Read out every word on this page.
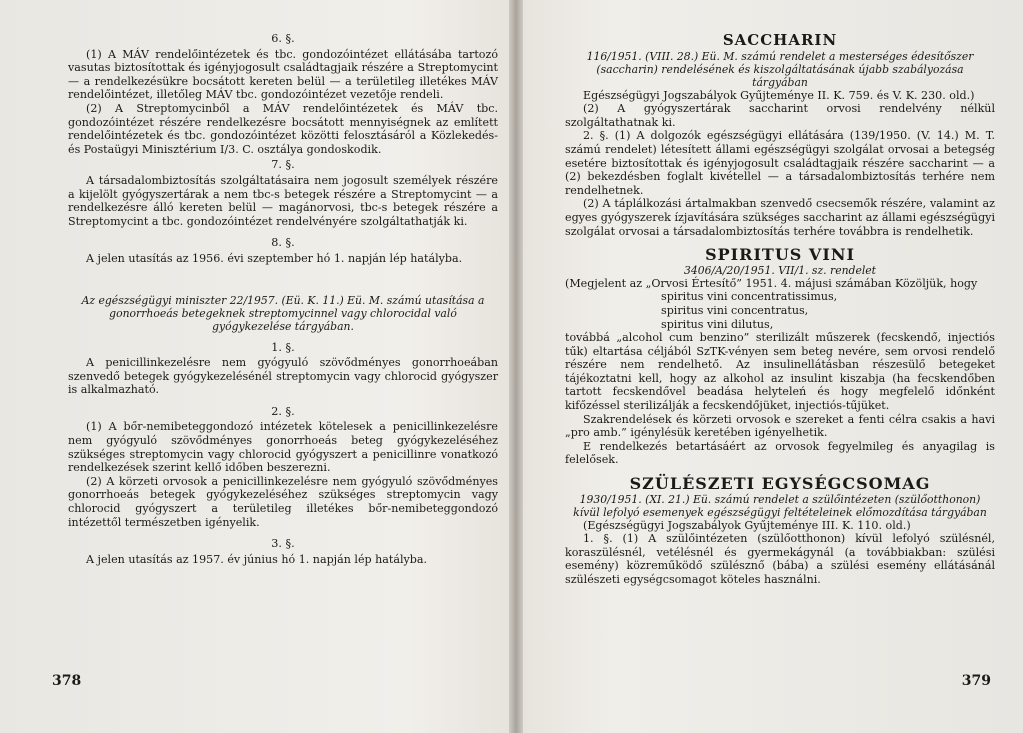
6. §.

(1) A MÁV rendelőintézetek és tbc. gondozóintézet ellátásába tartozó vasutas biztosítottak és igényjogosult családtagjaik részére a Streptomycint — a rendelkezésükre bocsátott kereten belül — a területileg illetékes MÁV rendelőintézet, illetőleg MÁV tbc. gondozóintézet vezetője rendeli.

(2) A Streptomycinből a MÁV rendelőintézetek és MÁV tbc. gondozóintézet részére rendelkezésre bocsátott mennyiségnek az említett rendelőintézetek és tbc. gondozóintézet közötti felosztásáról a Közlekedés- és Postaügyi Minisztérium I/3. C. osztálya gondoskodik.

7. §.

A társadalombiztosítás szolgáltatásaira nem jogosult személyek részére a kijelölt gyógyszertárak a nem tbc-s betegek részére a Streptomycint — a rendelkezésre álló kereten belül — magánorvosi, tbc-s betegek részére a Streptomycint a tbc. gondozóintézet rendelvényére szolgáltathatják ki.

8. §.

A jelen utasítás az 1956. évi szeptember hó 1. napján lép hatályba.

Az egészségügyi miniszter 22/1957. (Eü. K. 11.) Eü. M. számú utasítása a gonorrhoeás betegeknek streptomycinnel vagy chlorocidal való gyógykezelése tárgyában.

1. §.

A penicillinkezelésre nem gyógyuló szövődményes gonorrhoeában szenvedő betegek gyógykezelésénél streptomycin vagy chlorocid gyógyszer is alkalmazható.

2. §.

(1) A bőr-nemibeteggondozó intézetek kötelesek a penicillinkezelésre nem gyógyuló szövődményes gonorrhoeás beteg gyógykezeléséhez szükséges streptomycin vagy chlorocid gyógyszert a penicillinre vonatkozó rendelkezések szerint kellő időben beszerezni.

(2) A körzeti orvosok a penicillinkezelésre nem gyógyuló szövődményes gonorrhoeás betegek gyógykezeléséhez szükséges streptomycin vagy chlorocid gyógyszert a területileg illetékes bőr-nemibeteggondozó intézettől természetben igényelik.

3. §.

A jelen utasítás az 1957. év június hó 1. napján lép hatályba.

378

SACCHARIN

116/1951. (VIII. 28.) Eü. M. számú rendelet a mesterséges édesítőszer (saccharin) rendelésének és kiszolgáltatásának újabb szabályozása tárgyában

Egészségügyi Jogszabályok Gyűjteménye II. K. 759. és V. K. 230. old.)

(2) A gyógyszertárak saccharint orvosi rendelvény nélkül szolgáltathatnak ki.

2. §. (1) A dolgozók egészségügyi ellátására (139/1950. (V. 14.) M. T. számú rendelet) létesített állami egészségügyi szolgálat orvosai a betegség esetére biztosítottak és igényjogosult családtagjaik részére saccharint — a (2) bekezdésben foglalt kivétellel — a társadalombiztosítás terhére nem rendelhetnek.

(2) A táplálkozási ártalmakban szenvedő csecsemők részére, valamint az egyes gyógyszerek ízjavítására szükséges saccharint az állami egészségügyi szolgálat orvosai a társadalombiztosítás terhére továbbra is rendelhetik.

SPIRITUS VINI

3406/A/20/1951. VII/1. sz. rendelet

(Megjelent az „Orvosi Értesítő” 1951. 4. májusi számában Közöljük, hogy

spiritus vini concentratissimus,

spiritus vini concentratus,

spiritus vini dilutus,

továbbá „alcohol cum benzino” sterilizált műszerek (fecskendő, injectiós tűk) eltartása céljából SzTK-vényen sem beteg nevére, sem orvosi rendelő részére nem rendelhető. Az insulinellátásban részesülő betegeket tájékoztatni kell, hogy az alkohol az insulint kiszabja (ha fecskendőben tartott fecskendővel beadása helyteleń és hogy megfelelő időnként kifőzéssel sterilizálják a fecskendőjüket, injectiós-tűjüket.

Szakrendelések és körzeti orvosok e szereket a fenti célra csakis a havi „pro amb.” igénylésük keretében igényelhetik.

E rendelkezés betartásáért az orvosok fegyelmileg és anyagilag is felelősek.

SZÜLÉSZETI EGYSÉGCSOMAG

1930/1951. (XI. 21.) Eü. számú rendelet a szülőintézeten (szülőotthonon) kívül lefolyó esemenyek egészségügyi feltételeinek előmozdítása tárgyában

(Egészségügyi Jogszabályok Gyűjteménye III. K. 110. old.)

1. §. (1) A szülőintézeten (szülőotthonon) kívül lefolyó szülésnél, koraszülésnél, vetélésnél és gyermekágynál (a továbbiakban: szülési esemény) közreműködő szülésznő (bába) a szülési esemény ellátásánál szülészeti egységcsomagot köteles használni.

379
